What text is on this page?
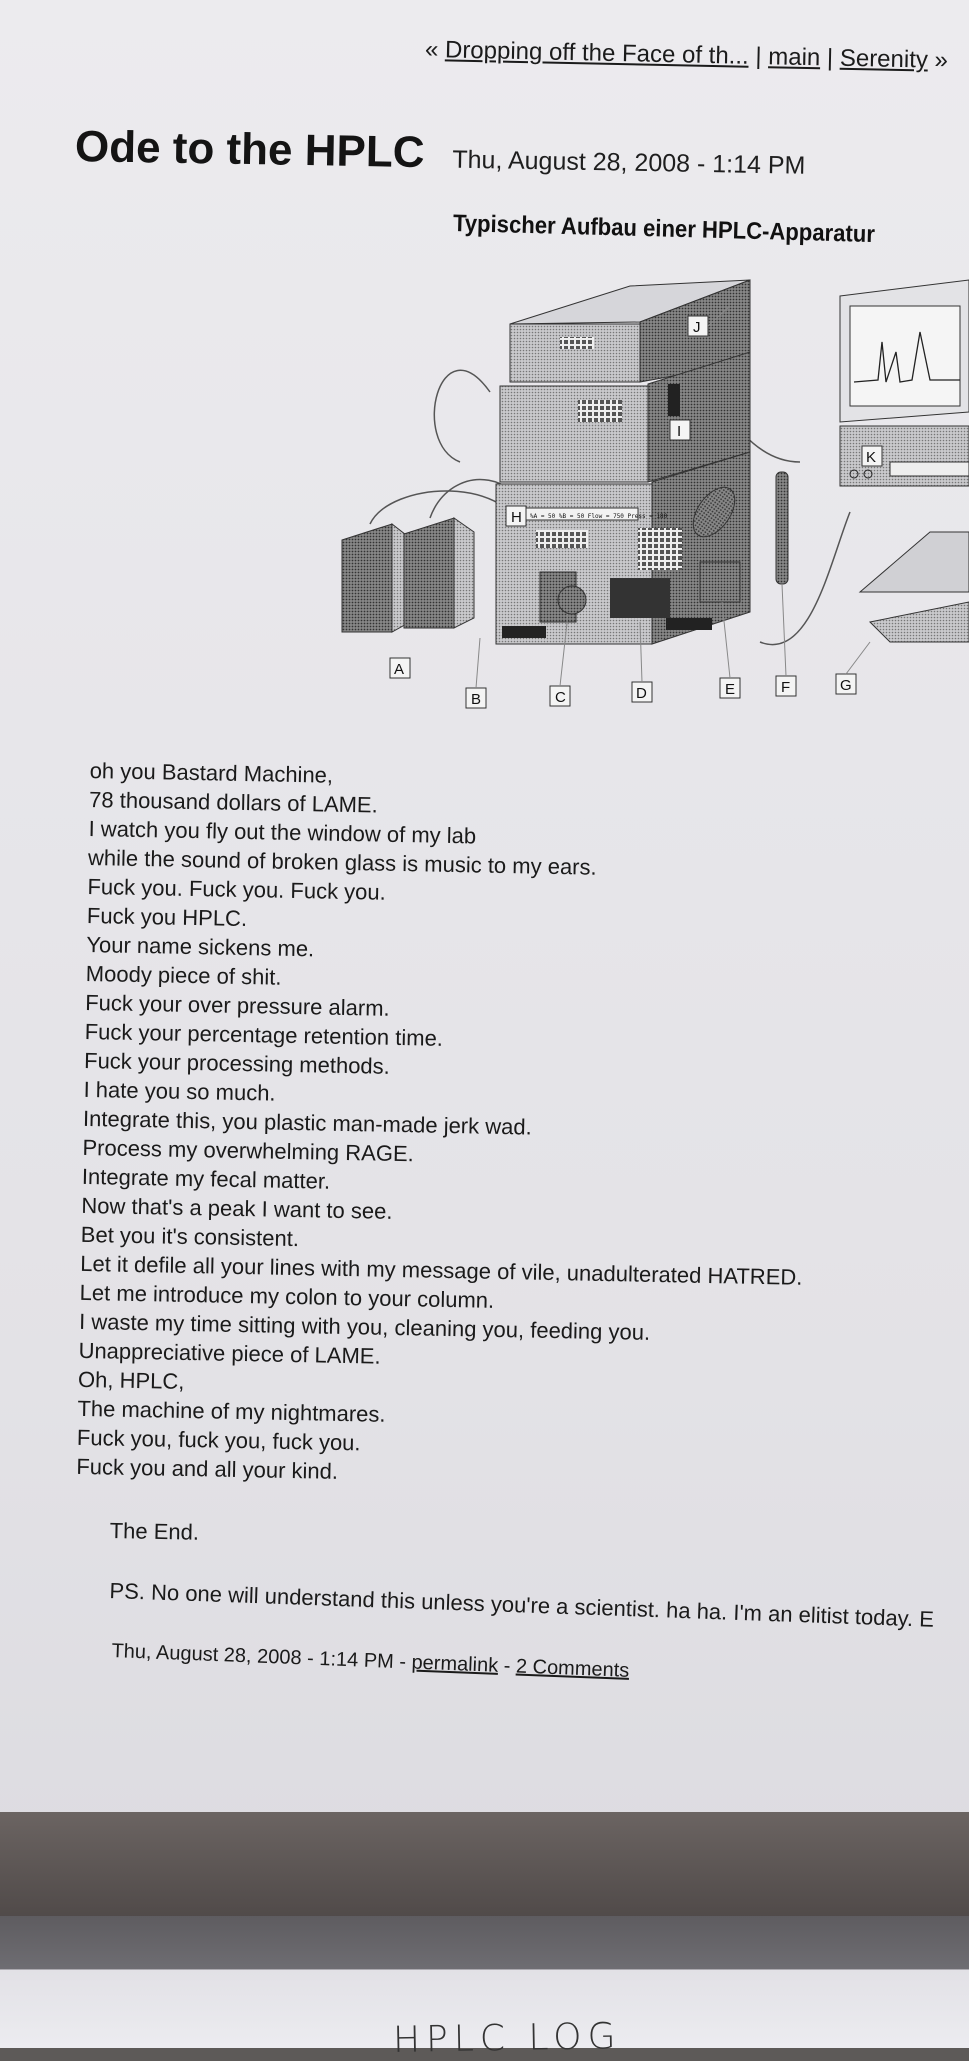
« Dropping off the Face of th... | main | Serenity »
Ode to the HPLC Thu, August 28, 2008 - 1:14 PM
Typischer Aufbau einer HPLC-Apparatur
%A = 50 %B = 50 Flow = 750 Press = 180
A
B	C	D	E	F	G
H
I
J
K
oh you Bastard Machine,
78 thousand dollars of LAME.
I watch you fly out the window of my lab
while the sound of broken glass is music to my ears.
Fuck you. Fuck you. Fuck you.
Fuck you HPLC.
Your name sickens me.
Moody piece of shit.
Fuck your over pressure alarm.
Fuck your percentage retention time.
Fuck your processing methods.
I hate you so much.
Integrate this, you plastic man-made jerk wad.
Process my overwhelming RAGE.
Integrate my fecal matter.
Now that's a peak I want to see.
Bet you it's consistent.
Let it defile all your lines with my message of vile, unadulterated HATRED.
Let me introduce my colon to your column.
I waste my time sitting with you, cleaning you, feeding you.
Unappreciative piece of LAME.
Oh, HPLC,
The machine of my nightmares.
Fuck you, fuck you, fuck you.
Fuck you and all your kind.
The End.
PS. No one will understand this unless you're a scientist. ha ha. I'm an elitist today. E
Thu, August 28, 2008 - 1:14 PM - permalink - 2 Comments
HPLC LOG
